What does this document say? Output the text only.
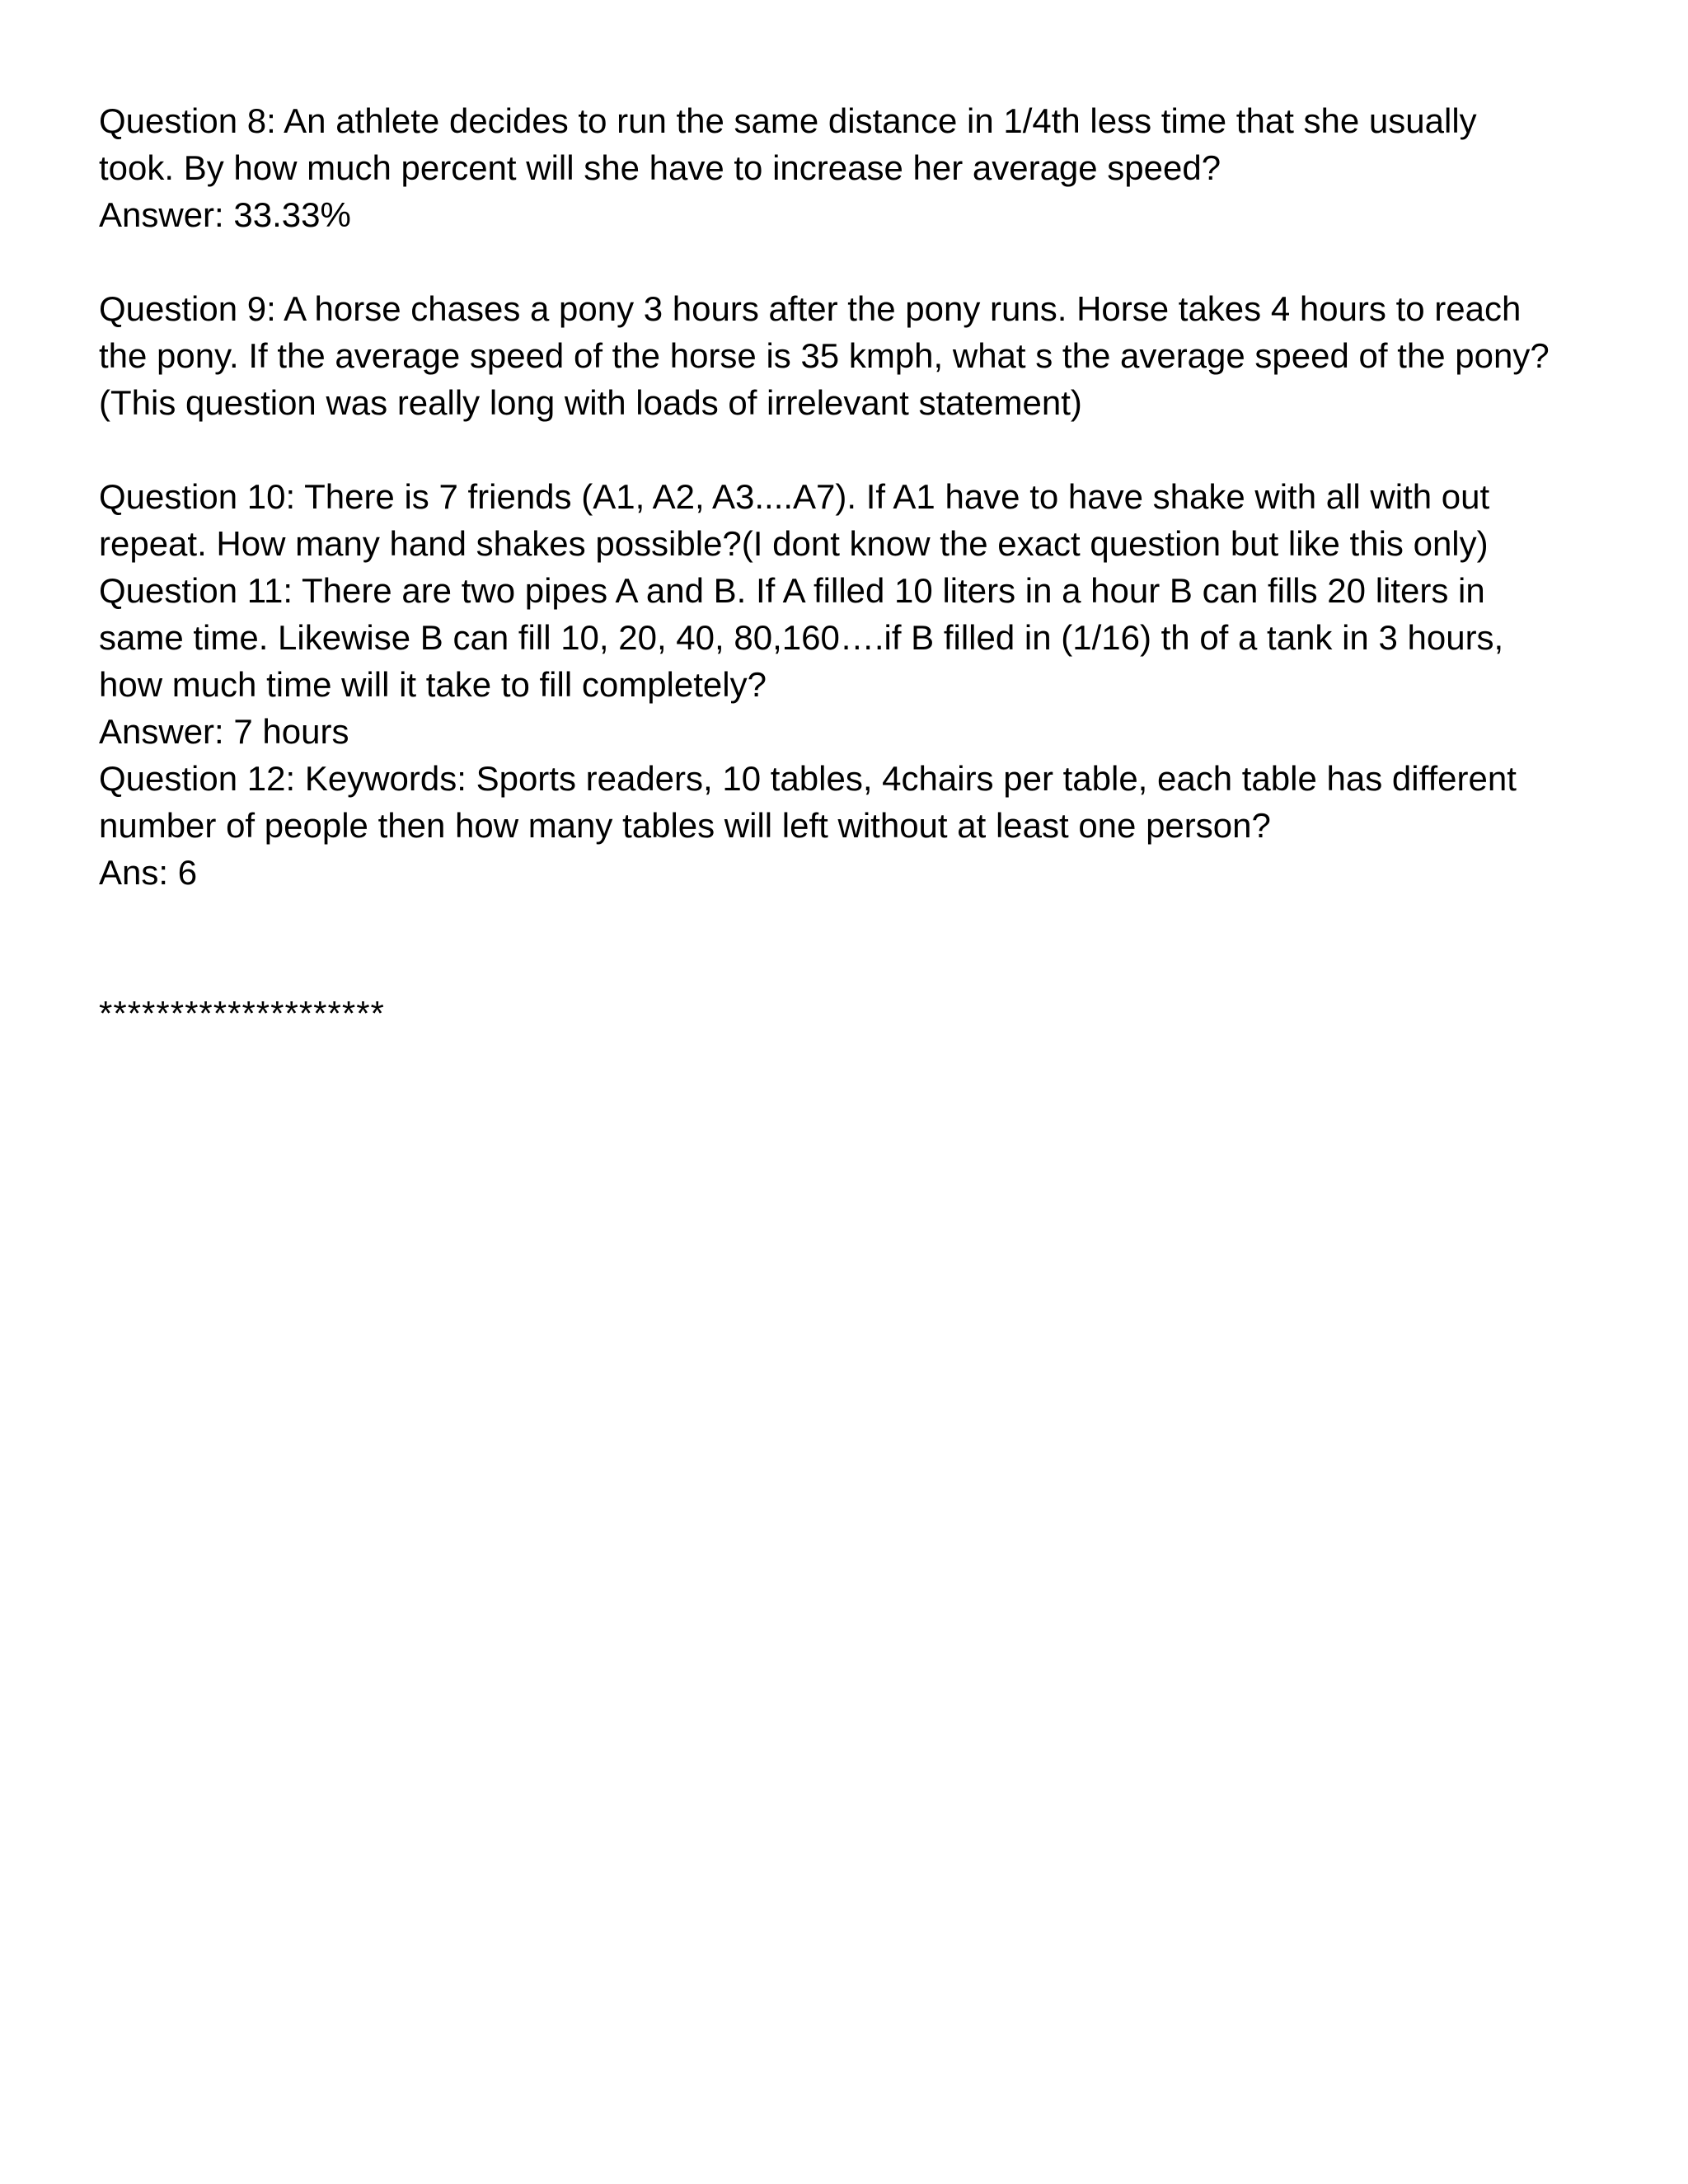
Question 8: An athlete decides to run the same distance in 1/4th less time that she usually
took. By how much percent will she have to increase her average speed?
Answer: 33.33%
Question 9: A horse chases a pony 3 hours after the pony runs. Horse takes 4 hours to reach
the pony. If the average speed of the horse is 35 kmph, what s the average speed of the pony?
(This question was really long with loads of irrelevant statement)
Question 10: There is 7 friends (A1, A2, A3....A7). If A1 have to have shake with all with out
repeat. How many hand shakes possible?(I dont know the exact question but like this only)
Question 11: There are two pipes A and B. If A filled 10 liters in a hour B can fills 20 liters in
same time. Likewise B can fill 10, 20, 40, 80,160….if B filled in (1/16) th of a tank in 3 hours,
how much time will it take to fill completely?
Answer: 7 hours
Question 12: Keywords: Sports readers, 10 tables, 4chairs per table, each table has different
number of people then how many tables will left without at least one person?
Ans: 6
********************
